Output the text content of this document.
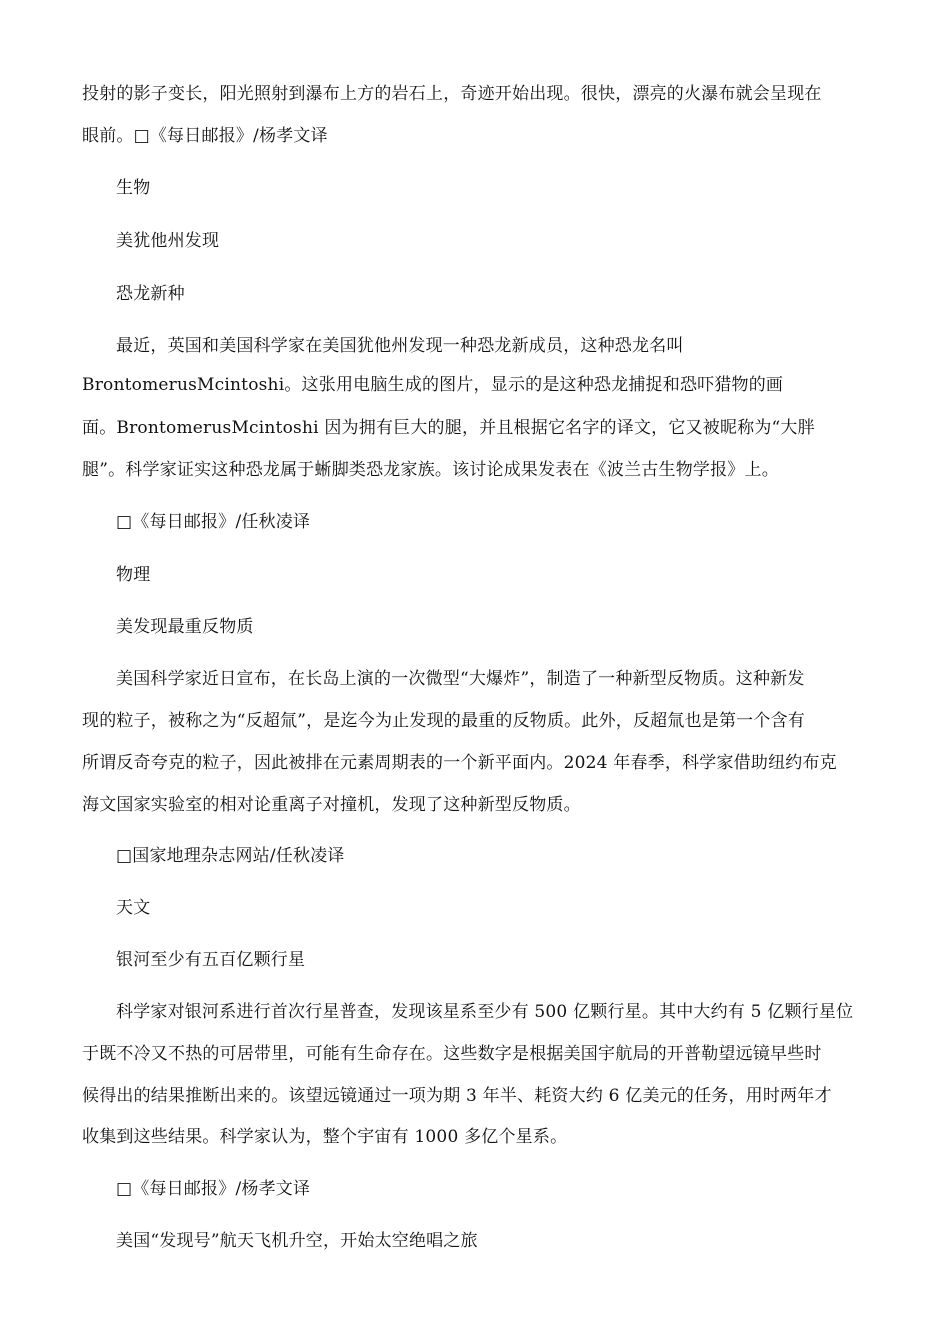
投射的影子变长，阳光照射到瀑布上方的岩石上，奇迹开始出现。很快，漂亮的火瀑布就会呈现在

眼前。□《每日邮报》/杨孝文译

生物

美犹他州发现

恐龙新种

最近，英国和美国科学家在美国犹他州发现一种恐龙新成员，这种恐龙名叫

BrontomerusMcintoshi。这张用电脑生成的图片，显示的是这种恐龙捕捉和恐吓猎物的画

面。BrontomerusMcintoshi 因为拥有巨大的腿，并且根据它名字的译文，它又被昵称为“大胖

腿”。科学家证实这种恐龙属于蜥脚类恐龙家族。该讨论成果发表在《波兰古生物学报》上。

□《每日邮报》/任秋凌译

物理

美发现最重反物质

美国科学家近日宣布，在长岛上演的一次微型“大爆炸”，制造了一种新型反物质。这种新发

现的粒子，被称之为“反超氚”，是迄今为止发现的最重的反物质。此外，反超氚也是第一个含有

所谓反奇夸克的粒子，因此被排在元素周期表的一个新平面内。2024 年春季，科学家借助纽约布克

海文国家实验室的相对论重离子对撞机，发现了这种新型反物质。

□国家地理杂志网站/任秋凌译

天文

银河至少有五百亿颗行星

科学家对银河系进行首次行星普查，发现该星系至少有 500 亿颗行星。其中大约有 5 亿颗行星位

于既不冷又不热的可居带里，可能有生命存在。这些数字是根据美国宇航局的开普勒望远镜早些时

候得出的结果推断出来的。该望远镜通过一项为期 3 年半、耗资大约 6 亿美元的任务，用时两年才

收集到这些结果。科学家认为，整个宇宙有 1000 多亿个星系。

□《每日邮报》/杨孝文译

美国“发现号”航天飞机升空，开始太空绝唱之旅
